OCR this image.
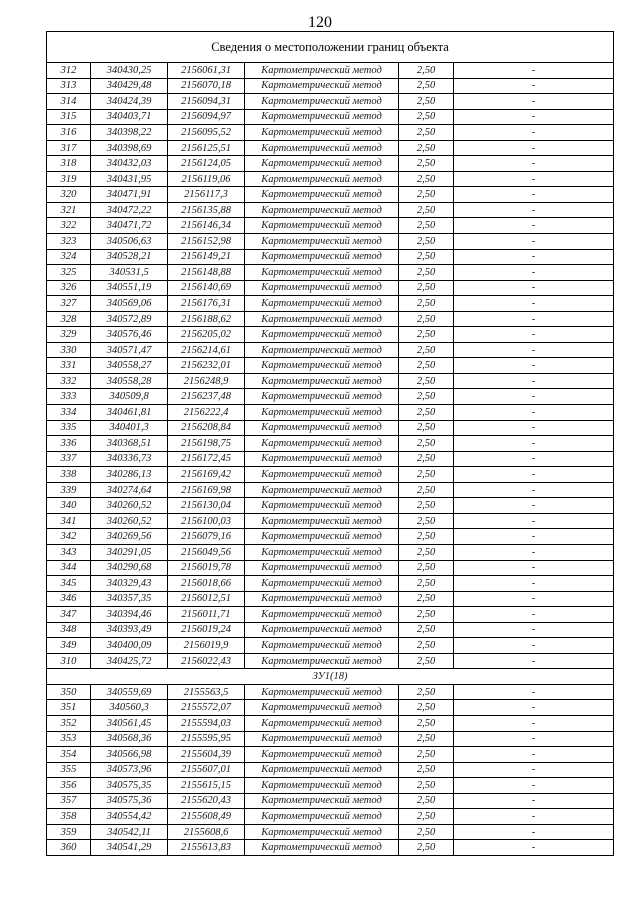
120
Сведения о местоположении границ объекта					
312	340430,25	2156061,31	Картометрический метод	2,50	-
313	340429,48	2156070,18	Картометрический метод	2,50	-
314	340424,39	2156094,31	Картометрический метод	2,50	-
315	340403,71	2156094,97	Картометрический метод	2,50	-
316	340398,22	2156095,52	Картометрический метод	2,50	-
317	340398,69	2156125,51	Картометрический метод	2,50	-
318	340432,03	2156124,05	Картометрический метод	2,50	-
319	340431,95	2156119,06	Картометрический метод	2,50	-
320	340471,91	2156117,3	Картометрический метод	2,50	-
321	340472,22	2156135,88	Картометрический метод	2,50	-
322	340471,72	2156146,34	Картометрический метод	2,50	-
323	340506,63	2156152,98	Картометрический метод	2,50	-
324	340528,21	2156149,21	Картометрический метод	2,50	-
325	340531,5	2156148,88	Картометрический метод	2,50	-
326	340551,19	2156140,69	Картометрический метод	2,50	-
327	340569,06	2156176,31	Картометрический метод	2,50	-
328	340572,89	2156188,62	Картометрический метод	2,50	-
329	340576,46	2156205,02	Картометрический метод	2,50	-
330	340571,47	2156214,61	Картометрический метод	2,50	-
331	340558,27	2156232,01	Картометрический метод	2,50	-
332	340558,28	2156248,9	Картометрический метод	2,50	-
333	340509,8	2156237,48	Картометрический метод	2,50	-
334	340461,81	2156222,4	Картометрический метод	2,50	-
335	340401,3	2156208,84	Картометрический метод	2,50	-
336	340368,51	2156198,75	Картометрический метод	2,50	-
337	340336,73	2156172,45	Картометрический метод	2,50	-
338	340286,13	2156169,42	Картометрический метод	2,50	-
339	340274,64	2156169,98	Картометрический метод	2,50	-
340	340260,52	2156130,04	Картометрический метод	2,50	-
341	340260,52	2156100,03	Картометрический метод	2,50	-
342	340269,56	2156079,16	Картометрический метод	2,50	-
343	340291,05	2156049,56	Картометрический метод	2,50	-
344	340290,68	2156019,78	Картометрический метод	2,50	-
345	340329,43	2156018,66	Картометрический метод	2,50	-
346	340357,35	2156012,51	Картометрический метод	2,50	-
347	340394,46	2156011,71	Картометрический метод	2,50	-
348	340393,49	2156019,24	Картометрический метод	2,50	-
349	340400,09	2156019,9	Картометрический метод	2,50	-
310	340425,72	2156022,43	Картометрический метод	2,50	-
ЗУ1(18)					
350	340559,69	2155563,5	Картометрический метод	2,50	-
351	340560,3	2155572,07	Картометрический метод	2,50	-
352	340561,45	2155594,03	Картометрический метод	2,50	-
353	340568,36	2155595,95	Картометрический метод	2,50	-
354	340566,98	2155604,39	Картометрический метод	2,50	-
355	340573,96	2155607,01	Картометрический метод	2,50	-
356	340575,35	2155615,15	Картометрический метод	2,50	-
357	340575,36	2155620,43	Картометрический метод	2,50	-
358	340554,42	2155608,49	Картометрический метод	2,50	-
359	340542,11	2155608,6	Картометрический метод	2,50	-
360	340541,29	2155613,83	Картометрический метод	2,50	-
